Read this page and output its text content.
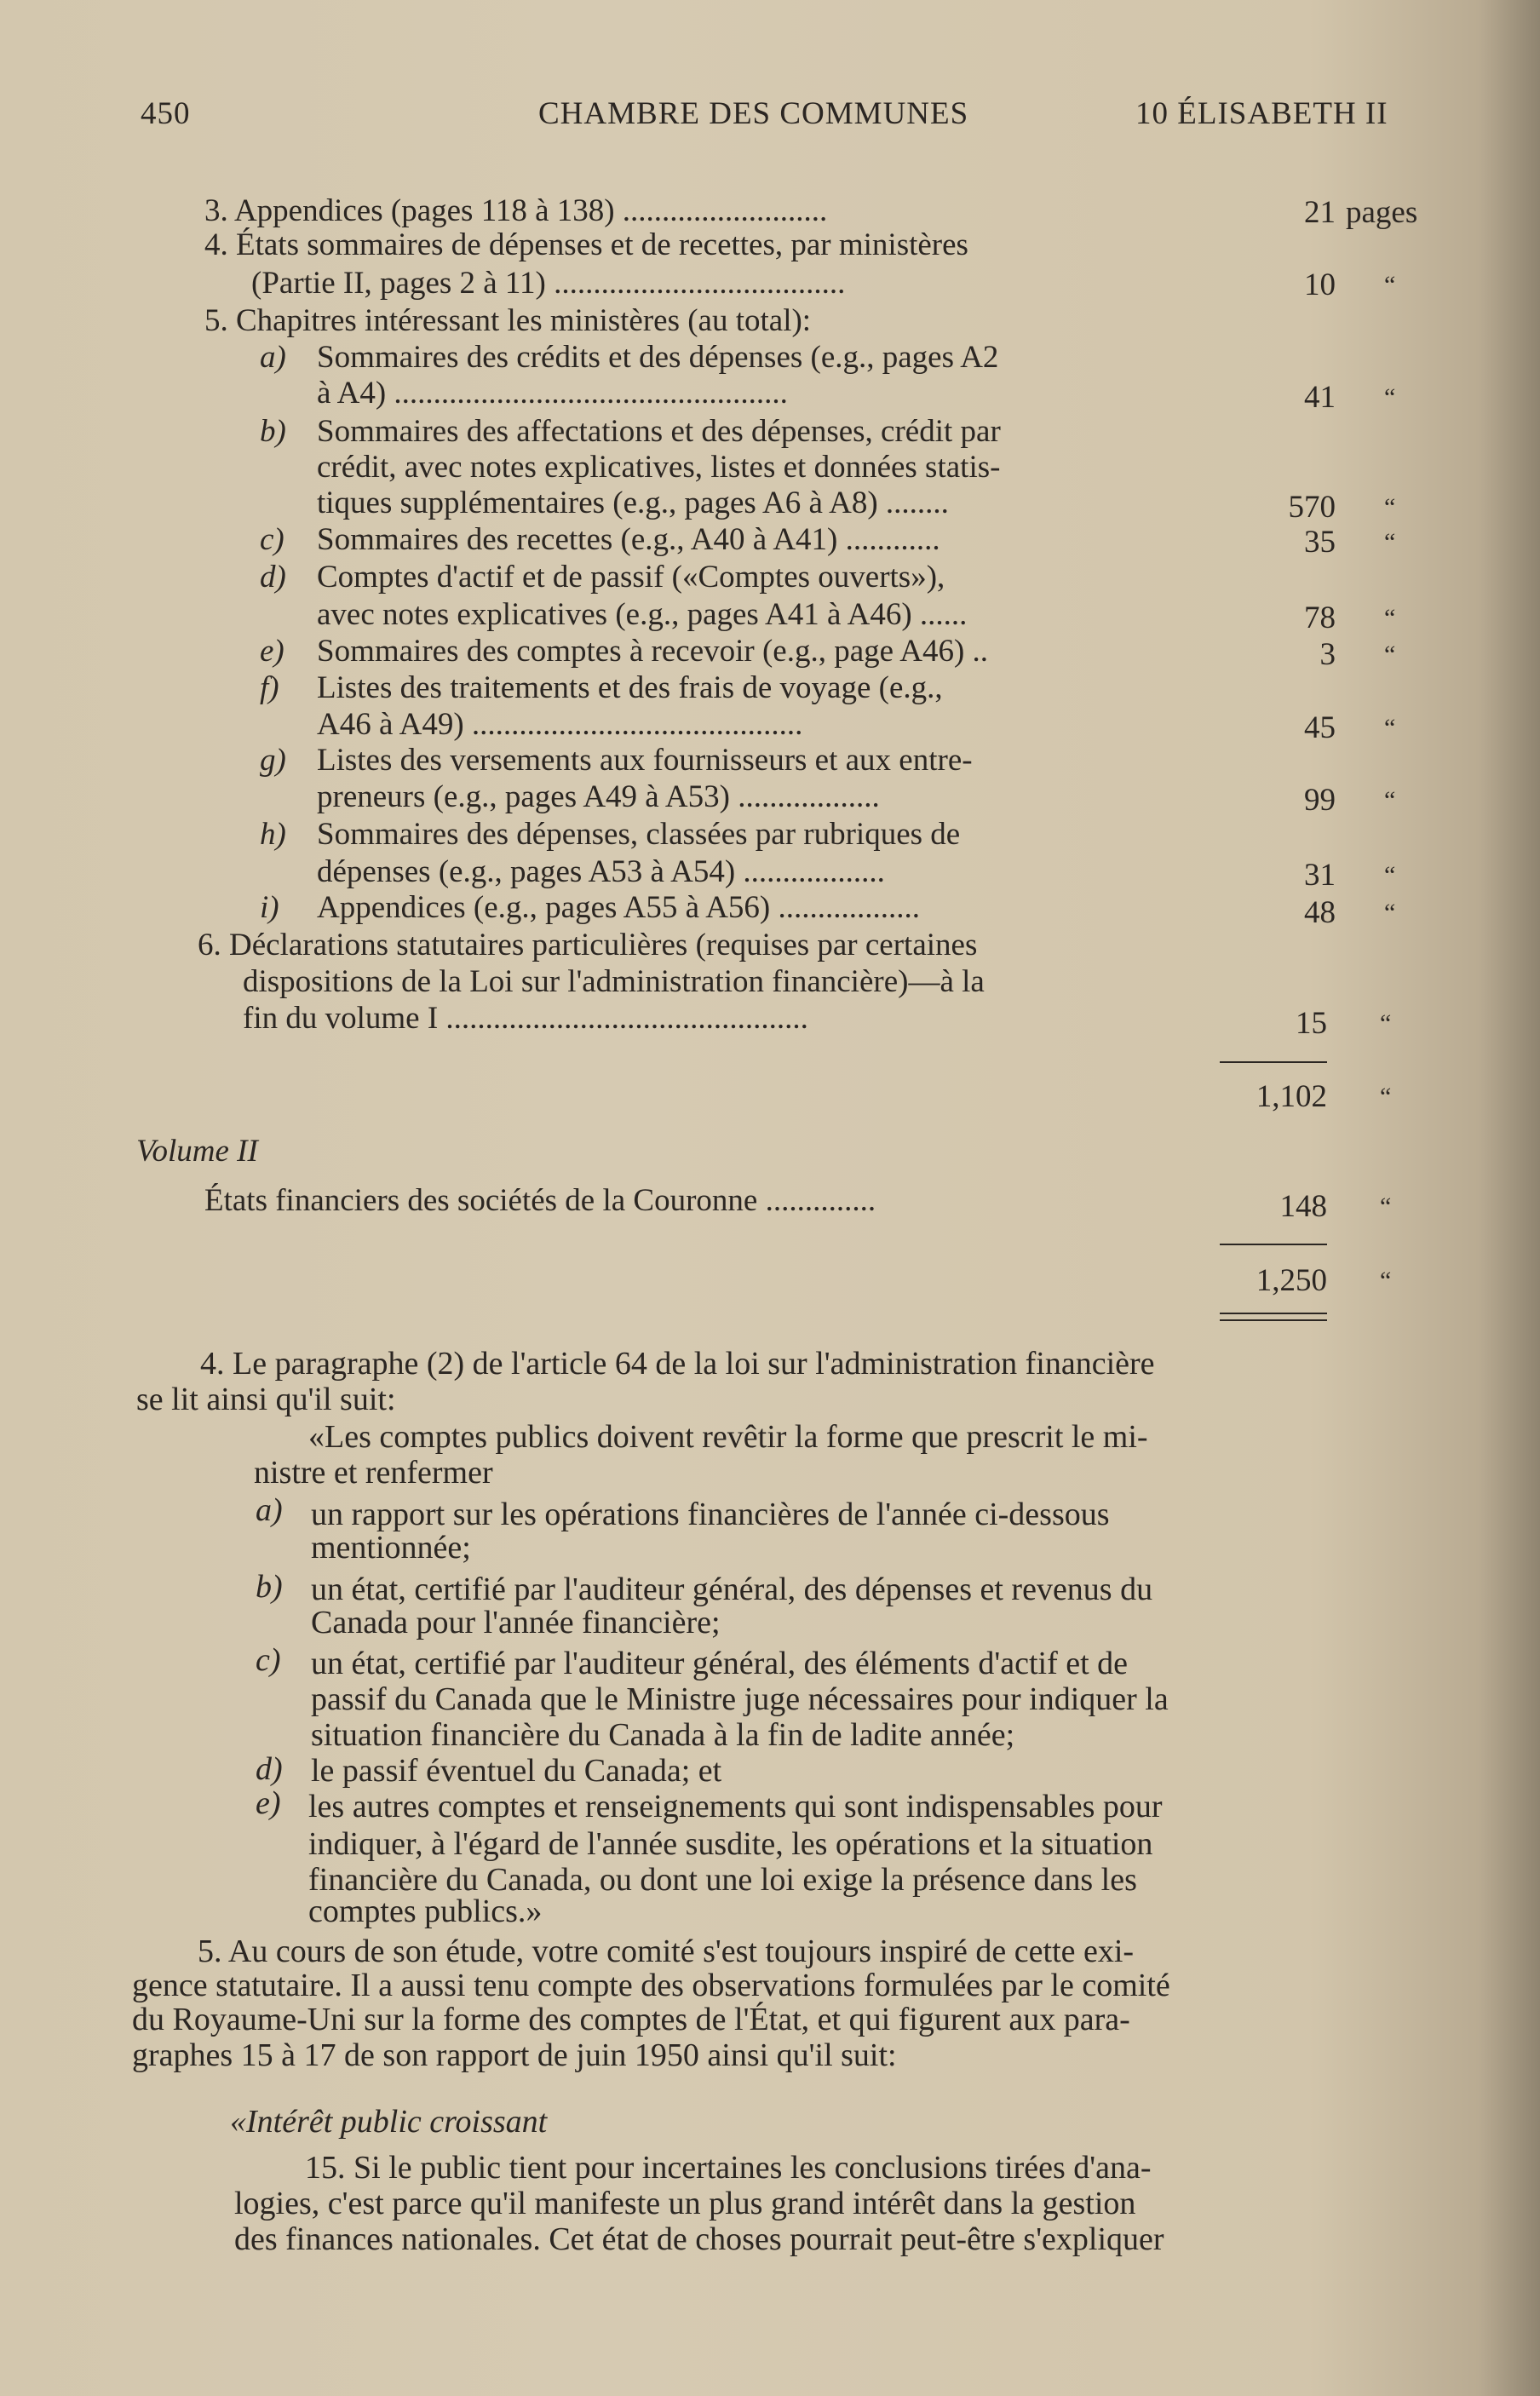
450	CHAMBRE DES COMMUNES	10 ÉLISABETH II
3. Appendices (pages 118 à 138) ..........................	21 pages
4. États sommaires de dépenses et de recettes, par ministères
(Partie II, pages 2 à 11) .....................................	10 “
5. Chapitres intéressant les ministères (au total):
a) Sommaires des crédits et des dépenses (e.g., pages A2
à A4) ..................................................	41 “
b) Sommaires des affectations et des dépenses, crédit par
crédit, avec notes explicatives, listes et données statis-
tiques supplémentaires (e.g., pages A6 à A8) ........	570 “
c) Sommaires des recettes (e.g., A40 à A41) ............	35 “
d) Comptes d'actif et de passif («Comptes ouverts»),
avec notes explicatives (e.g., pages A41 à A46) ......	78 “
e) Sommaires des comptes à recevoir (e.g., page A46) ..	3 “
f) Listes des traitements et des frais de voyage (e.g.,
A46 à A49) ..........................................	45 “
g) Listes des versements aux fournisseurs et aux entre-
preneurs (e.g., pages A49 à A53) ..................	99 “
h) Sommaires des dépenses, classées par rubriques de
dépenses (e.g., pages A53 à A54) ..................	31 “
i) Appendices (e.g., pages A55 à A56) ..................	48 “
6. Déclarations statutaires particulières (requises par certaines
dispositions de la Loi sur l'administration financière)—à la
fin du volume I ..............................................	15 “
1,102 “
Volume II
États financiers des sociétés de la Couronne ..............	148 “
1,250 “
4. Le paragraphe (2) de l'article 64 de la loi sur l'administration financière
se lit ainsi qu'il suit:
«Les comptes publics doivent revêtir la forme que prescrit le mi-
nistre et renfermer
a) un rapport sur les opérations financières de l'année ci-dessous
mentionnée;
b) un état, certifié par l'auditeur général, des dépenses et revenus du
Canada pour l'année financière;
c) un état, certifié par l'auditeur général, des éléments d'actif et de
passif du Canada que le Ministre juge nécessaires pour indiquer la
situation financière du Canada à la fin de ladite année;
d) le passif éventuel du Canada; et
e) les autres comptes et renseignements qui sont indispensables pour
indiquer, à l'égard de l'année susdite, les opérations et la situation
financière du Canada, ou dont une loi exige la présence dans les
comptes publics.»
5. Au cours de son étude, votre comité s'est toujours inspiré de cette exi-
gence statutaire. Il a aussi tenu compte des observations formulées par le comité
du Royaume-Uni sur la forme des comptes de l'État, et qui figurent aux para-
graphes 15 à 17 de son rapport de juin 1950 ainsi qu'il suit:
«Intérêt public croissant
15. Si le public tient pour incertaines les conclusions tirées d'ana-
logies, c'est parce qu'il manifeste un plus grand intérêt dans la gestion
des finances nationales. Cet état de choses pourrait peut-être s'expliquer
